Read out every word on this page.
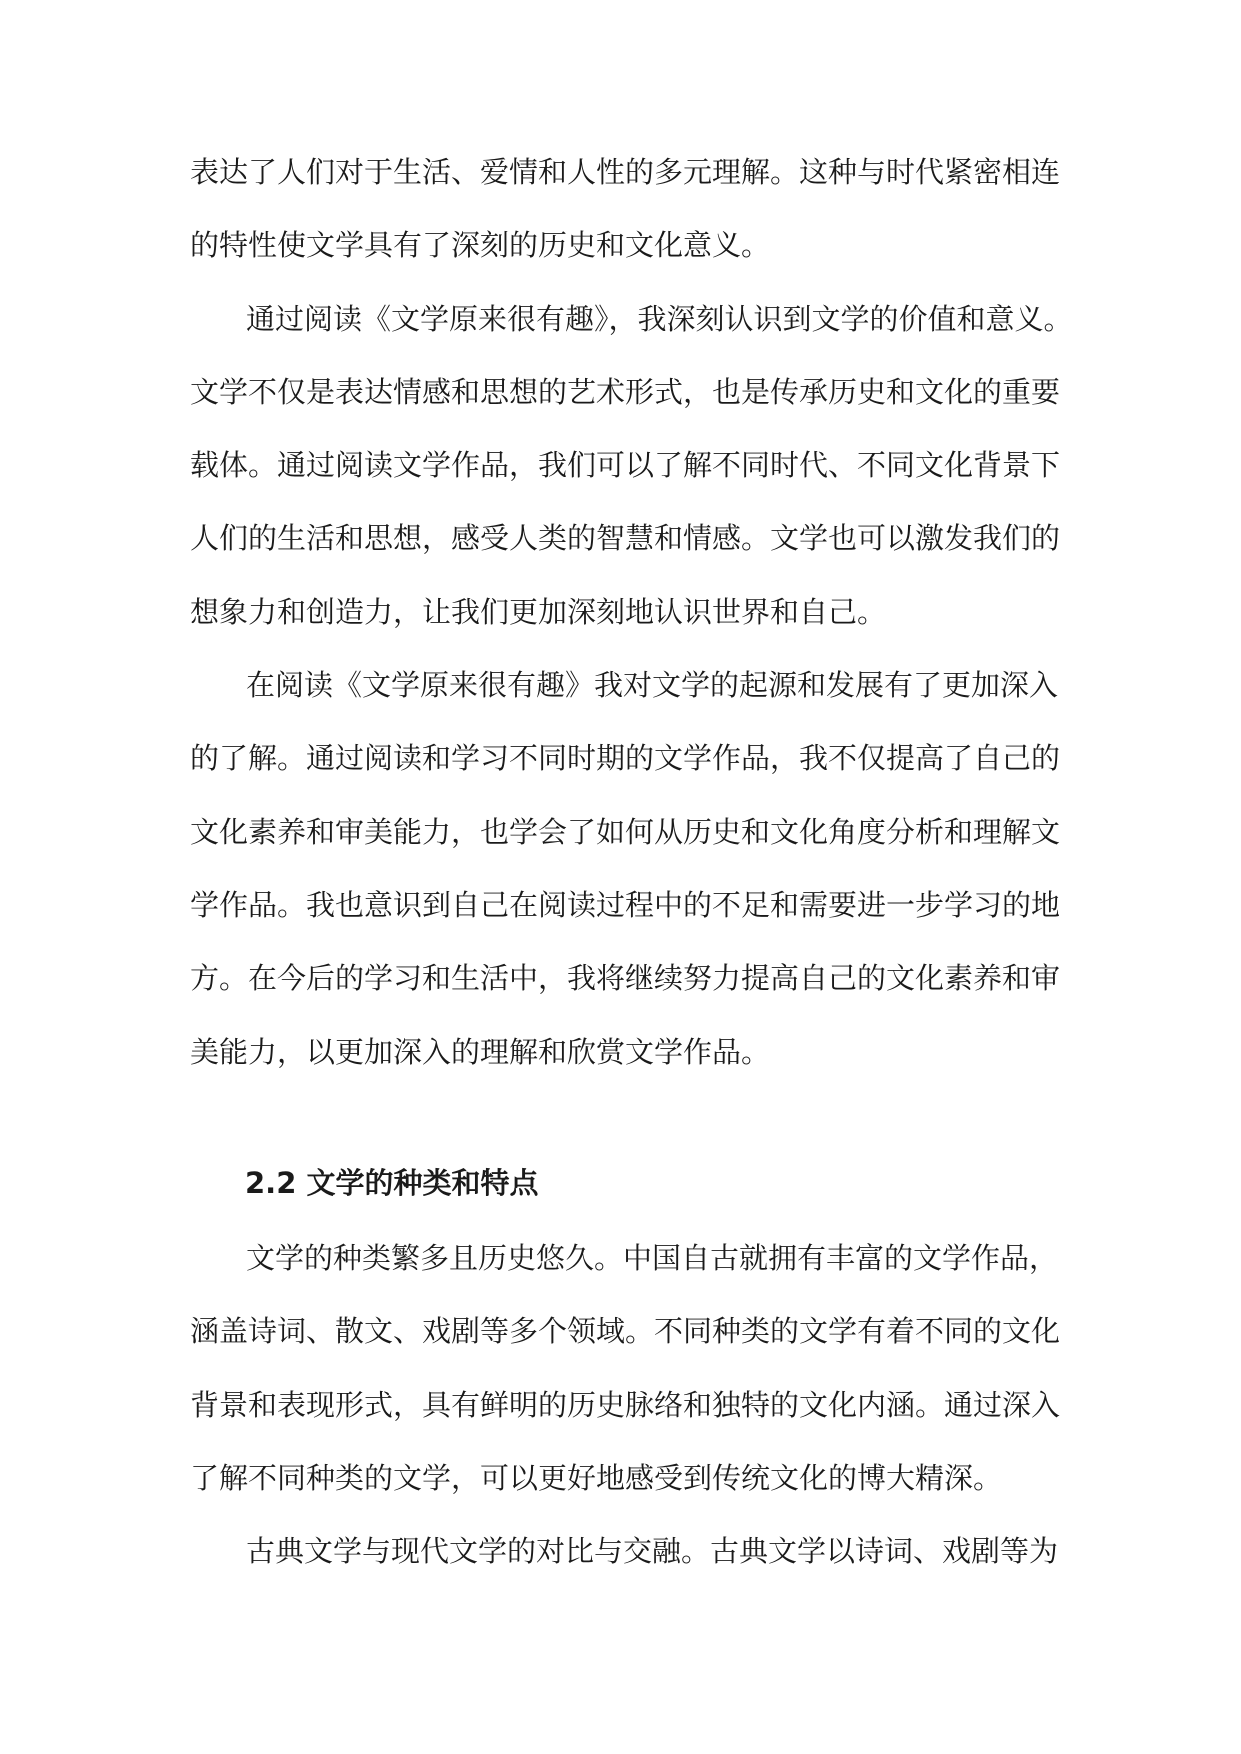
表达了人们对于生活、爱情和人性的多元理解。这种与时代紧密相连
的特性使文学具有了深刻的历史和文化意义。
通过阅读《文学原来很有趣》，我深刻认识到文学的价值和意义。
文学不仅是表达情感和思想的艺术形式，也是传承历史和文化的重要
载体。通过阅读文学作品，我们可以了解不同时代、不同文化背景下
人们的生活和思想，感受人类的智慧和情感。文学也可以激发我们的
想象力和创造力，让我们更加深刻地认识世界和自己。
在阅读《文学原来很有趣》我对文学的起源和发展有了更加深入
的了解。通过阅读和学习不同时期的文学作品，我不仅提高了自己的
文化素养和审美能力，也学会了如何从历史和文化角度分析和理解文
学作品。我也意识到自己在阅读过程中的不足和需要进一步学习的地
方。在今后的学习和生活中，我将继续努力提高自己的文化素养和审
美能力，以更加深入的理解和欣赏文学作品。
2.2 文学的种类和特点
文学的种类繁多且历史悠久。中国自古就拥有丰富的文学作品，
涵盖诗词、散文、戏剧等多个领域。不同种类的文学有着不同的文化
背景和表现形式，具有鲜明的历史脉络和独特的文化内涵。通过深入
了解不同种类的文学，可以更好地感受到传统文化的博大精深。
古典文学与现代文学的对比与交融。古典文学以诗词、戏剧等为
